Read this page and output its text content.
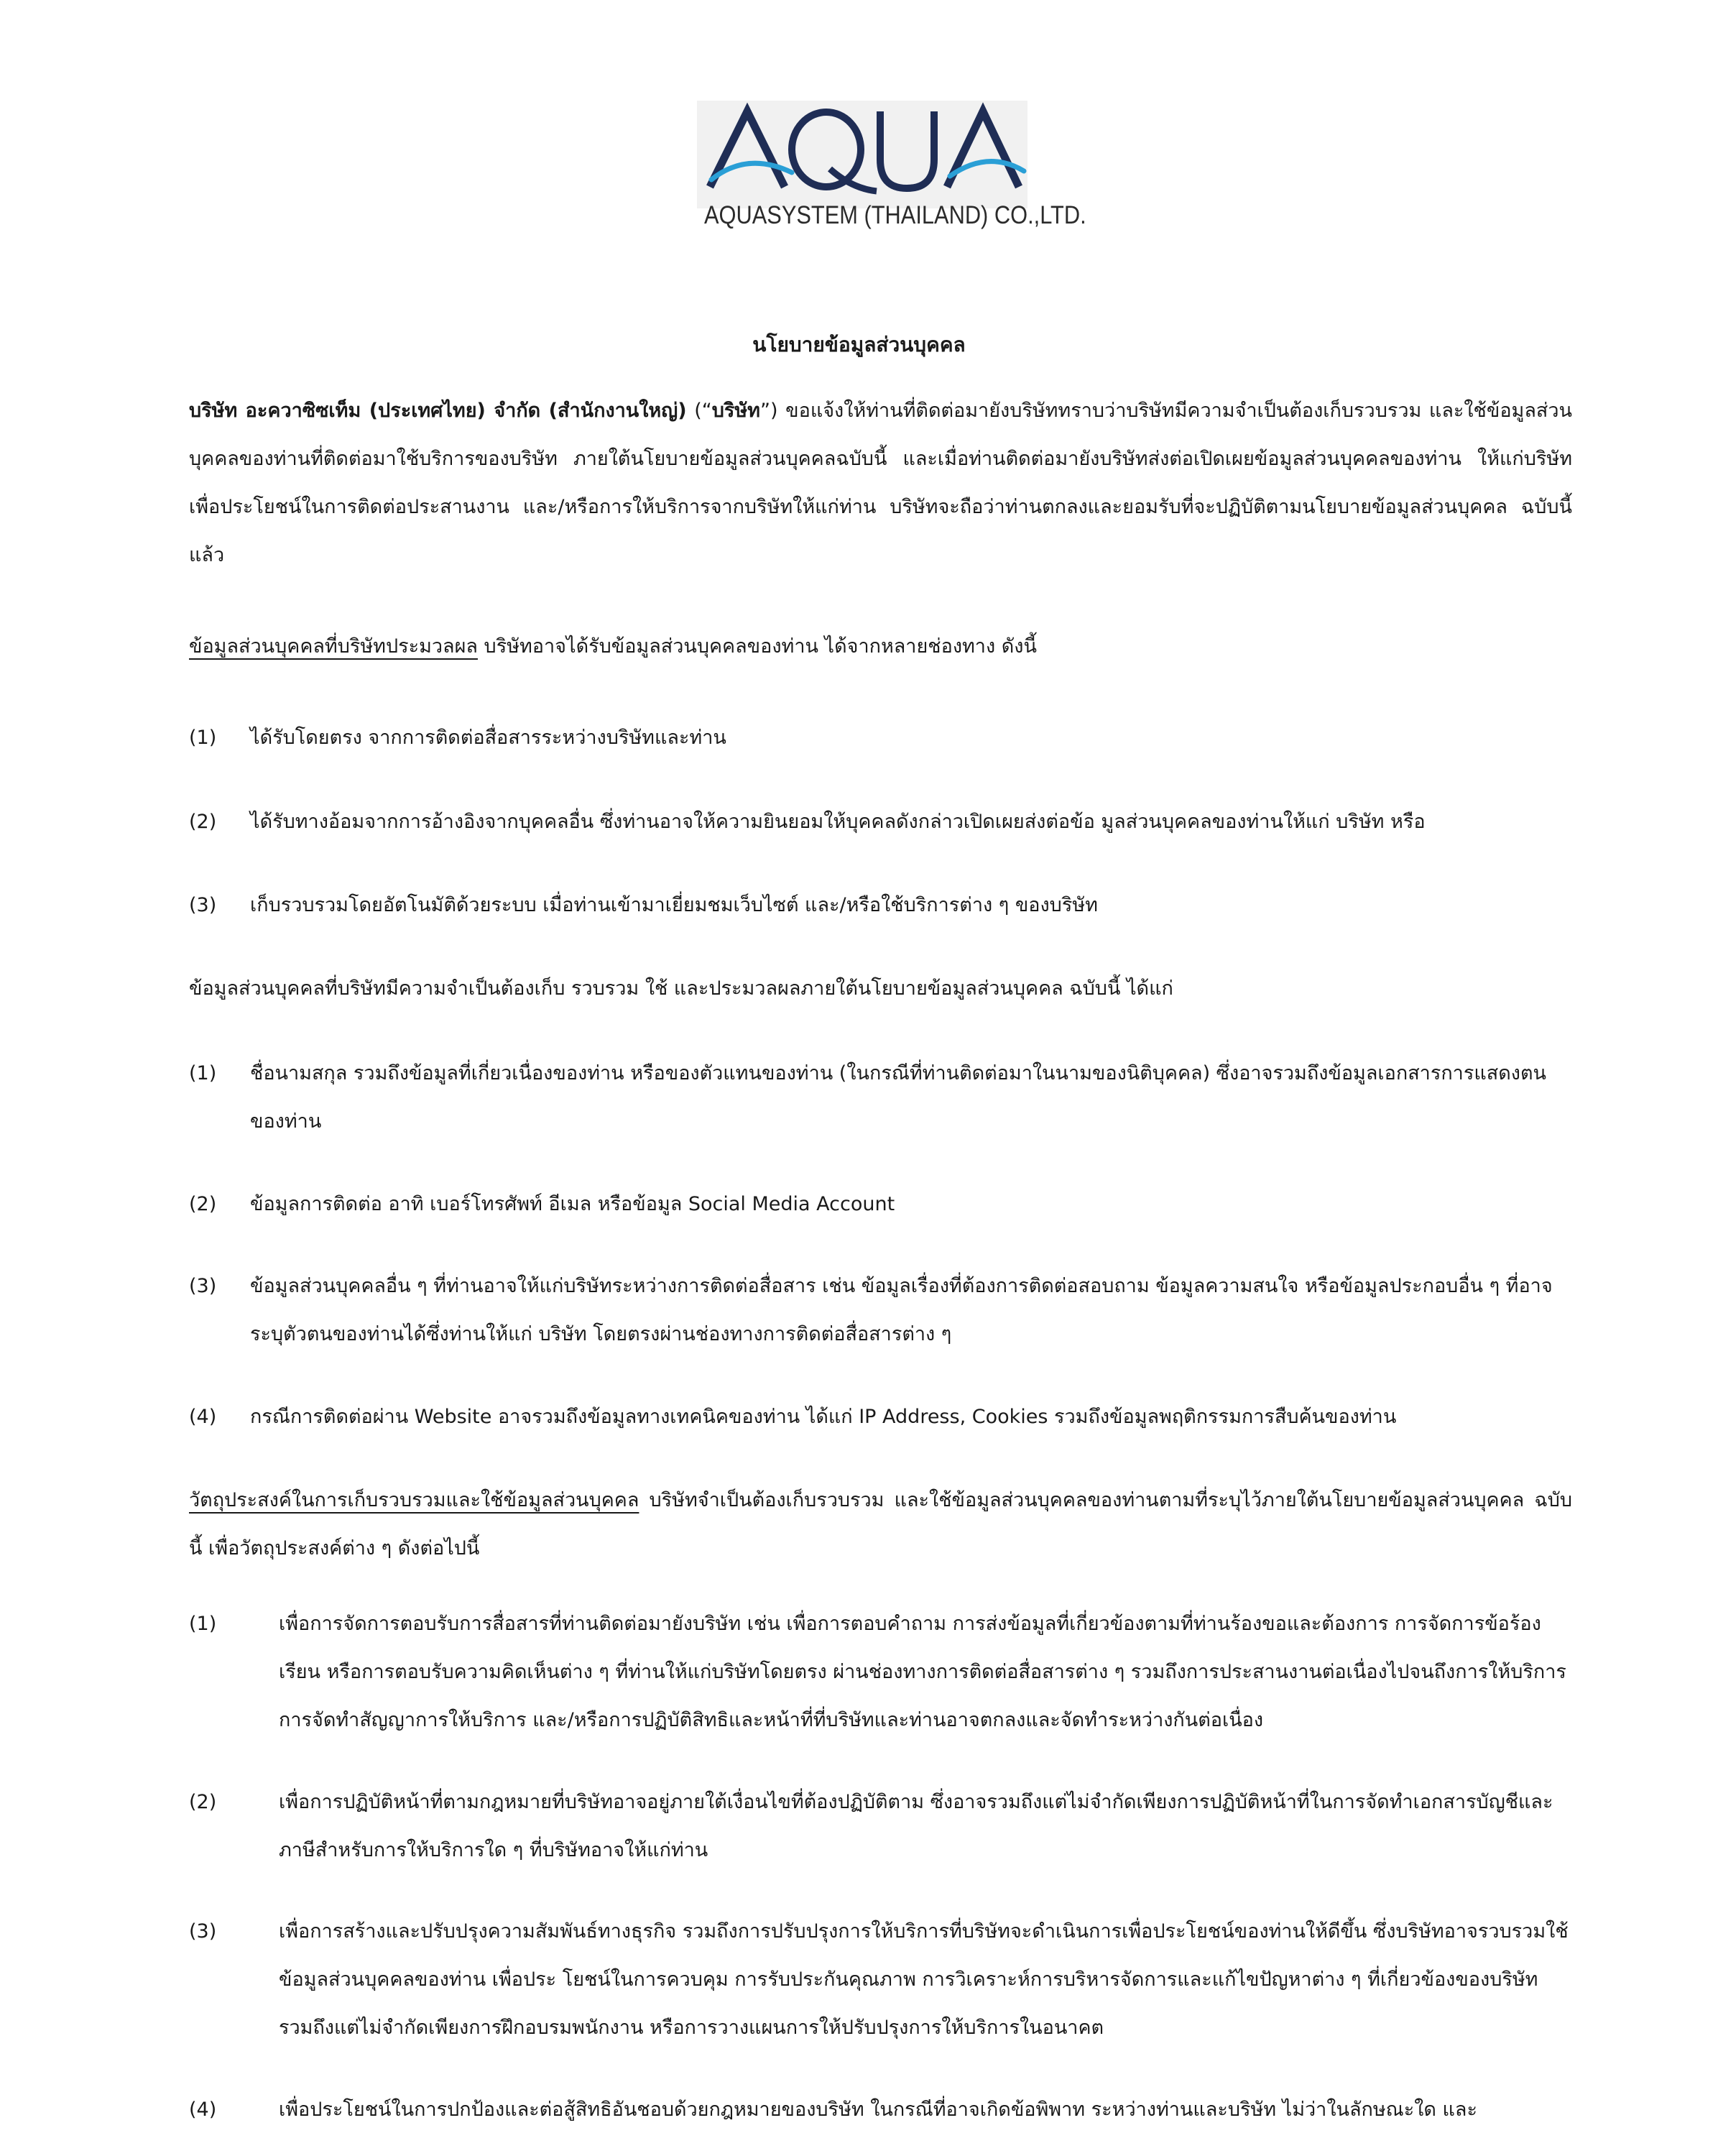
AQUA
AQUASYSTEM (THAILAND) CO.,LTD.
นโยบายข้อมูลส่วนบุคคล
บริษัท อะควาซิซเท็ม (ประเทศไทย) จำกัด (สำนักงานใหญ่) (“บริษัท”) ขอแจ้งให้ท่านที่ติดต่อมายังบริษัททราบว่าบริษัทมีความจำเป็นต้องเก็บรวบรวม และใช้ข้อมูลส่วนบุคคลของท่านที่ติดต่อมาใช้บริการของบริษัท ภายใต้นโยบายข้อมูลส่วนบุคคลฉบับนี้ และเมื่อท่านติดต่อมายังบริษัทส่งต่อเปิดเผยข้อมูลส่วนบุคคลของท่าน ให้แก่บริษัทเพื่อประโยชน์ในการติดต่อประสานงาน และ/หรือการให้บริการจากบริษัทให้แก่ท่าน บริษัทจะถือว่าท่านตกลงและยอมรับที่จะปฏิบัติตามนโยบายข้อมูลส่วนบุคคล ฉบับนี้แล้ว
ข้อมูลส่วนบุคคลที่บริษัทประมวลผล บริษัทอาจได้รับข้อมูลส่วนบุคคลของท่าน ได้จากหลายช่องทาง ดังนี้
(1)	ได้รับโดยตรง จากการติดต่อสื่อสารระหว่างบริษัทและท่าน
(2)	ได้รับทางอ้อมจากการอ้างอิงจากบุคคลอื่น ซึ่งท่านอาจให้ความยินยอมให้บุคคลดังกล่าวเปิดเผยส่งต่อข้อ มูลส่วนบุคคลของท่านให้แก่ บริษัท หรือ
(3)	เก็บรวบรวมโดยอัตโนมัติด้วยระบบ เมื่อท่านเข้ามาเยี่ยมชมเว็บไซต์ และ/หรือใช้บริการต่าง ๆ ของบริษัท
ข้อมูลส่วนบุคคลที่บริษัทมีความจำเป็นต้องเก็บ รวบรวม ใช้ และประมวลผลภายใต้นโยบายข้อมูลส่วนบุคคล ฉบับนี้ ได้แก่
(1)	ชื่อนามสกุล รวมถึงข้อมูลที่เกี่ยวเนื่องของท่าน หรือของตัวแทนของท่าน (ในกรณีที่ท่านติดต่อมาในนามของนิติบุคคล) ซึ่งอาจรวมถึงข้อมูลเอกสารการแสดงตนของท่าน
(2)	ข้อมูลการติดต่อ อาทิ เบอร์โทรศัพท์ อีเมล หรือข้อมูล Social Media Account
(3)	ข้อมูลส่วนบุคคลอื่น ๆ ที่ท่านอาจให้แก่บริษัทระหว่างการติดต่อสื่อสาร เช่น ข้อมูลเรื่องที่ต้องการติดต่อสอบถาม ข้อมูลความสนใจ หรือข้อมูลประกอบอื่น ๆ ที่อาจระบุตัวตนของท่านได้ซึ่งท่านให้แก่ บริษัท โดยตรงผ่านช่องทางการติดต่อสื่อสารต่าง ๆ
(4)	กรณีการติดต่อผ่าน Website อาจรวมถึงข้อมูลทางเทคนิคของท่าน ได้แก่ IP Address, Cookies รวมถึงข้อมูลพฤติกรรมการสืบค้นของท่าน
วัตถุประสงค์ในการเก็บรวบรวมและใช้ข้อมูลส่วนบุคคล บริษัทจำเป็นต้องเก็บรวบรวม และใช้ข้อมูลส่วนบุคคลของท่านตามที่ระบุไว้ภายใต้นโยบายข้อมูลส่วนบุคคล ฉบับนี้ เพื่อวัตถุประสงค์ต่าง ๆ ดังต่อไปนี้
(1)	เพื่อการจัดการตอบรับการสื่อสารที่ท่านติดต่อมายังบริษัท เช่น เพื่อการตอบคำถาม การส่งข้อมูลที่เกี่ยวข้องตามที่ท่านร้องขอและต้องการ การจัดการข้อร้องเรียน หรือการตอบรับความคิดเห็นต่าง ๆ ที่ท่านให้แก่บริษัทโดยตรง ผ่านช่องทางการติดต่อสื่อสารต่าง ๆ รวมถึงการประสานงานต่อเนื่องไปจนถึงการให้บริการ การจัดทำสัญญาการให้บริการ และ/หรือการปฏิบัติสิทธิและหน้าที่ที่บริษัทและท่านอาจตกลงและจัดทำระหว่างกันต่อเนื่อง
(2)	เพื่อการปฏิบัติหน้าที่ตามกฎหมายที่บริษัทอาจอยู่ภายใต้เงื่อนไขที่ต้องปฏิบัติตาม ซึ่งอาจรวมถึงแต่ไม่จำกัดเพียงการปฏิบัติหน้าที่ในการจัดทำเอกสารบัญชีและภาษีสำหรับการให้บริการใด ๆ ที่บริษัทอาจให้แก่ท่าน
(3)	เพื่อการสร้างและปรับปรุงความสัมพันธ์ทางธุรกิจ รวมถึงการปรับปรุงการให้บริการที่บริษัทจะดำเนินการเพื่อประโยชน์ของท่านให้ดีขึ้น ซึ่งบริษัทอาจรวบรวมใช้ข้อมูลส่วนบุคคลของท่าน เพื่อประ โยชน์ในการควบคุม การรับประกันคุณภาพ การวิเคราะห์การบริหารจัดการและแก้ไขปัญหาต่าง ๆ ที่เกี่ยวข้องของบริษัท รวมถึงแต่ไม่จำกัดเพียงการฝึกอบรมพนักงาน หรือการวางแผนการให้ปรับปรุงการให้บริการในอนาคต
(4)	เพื่อประโยชน์ในการปกป้องและต่อสู้สิทธิอันชอบด้วยกฎหมายของบริษัท ในกรณีที่อาจเกิดข้อพิพาท ระหว่างท่านและบริษัท ไม่ว่าในลักษณะใด และ
